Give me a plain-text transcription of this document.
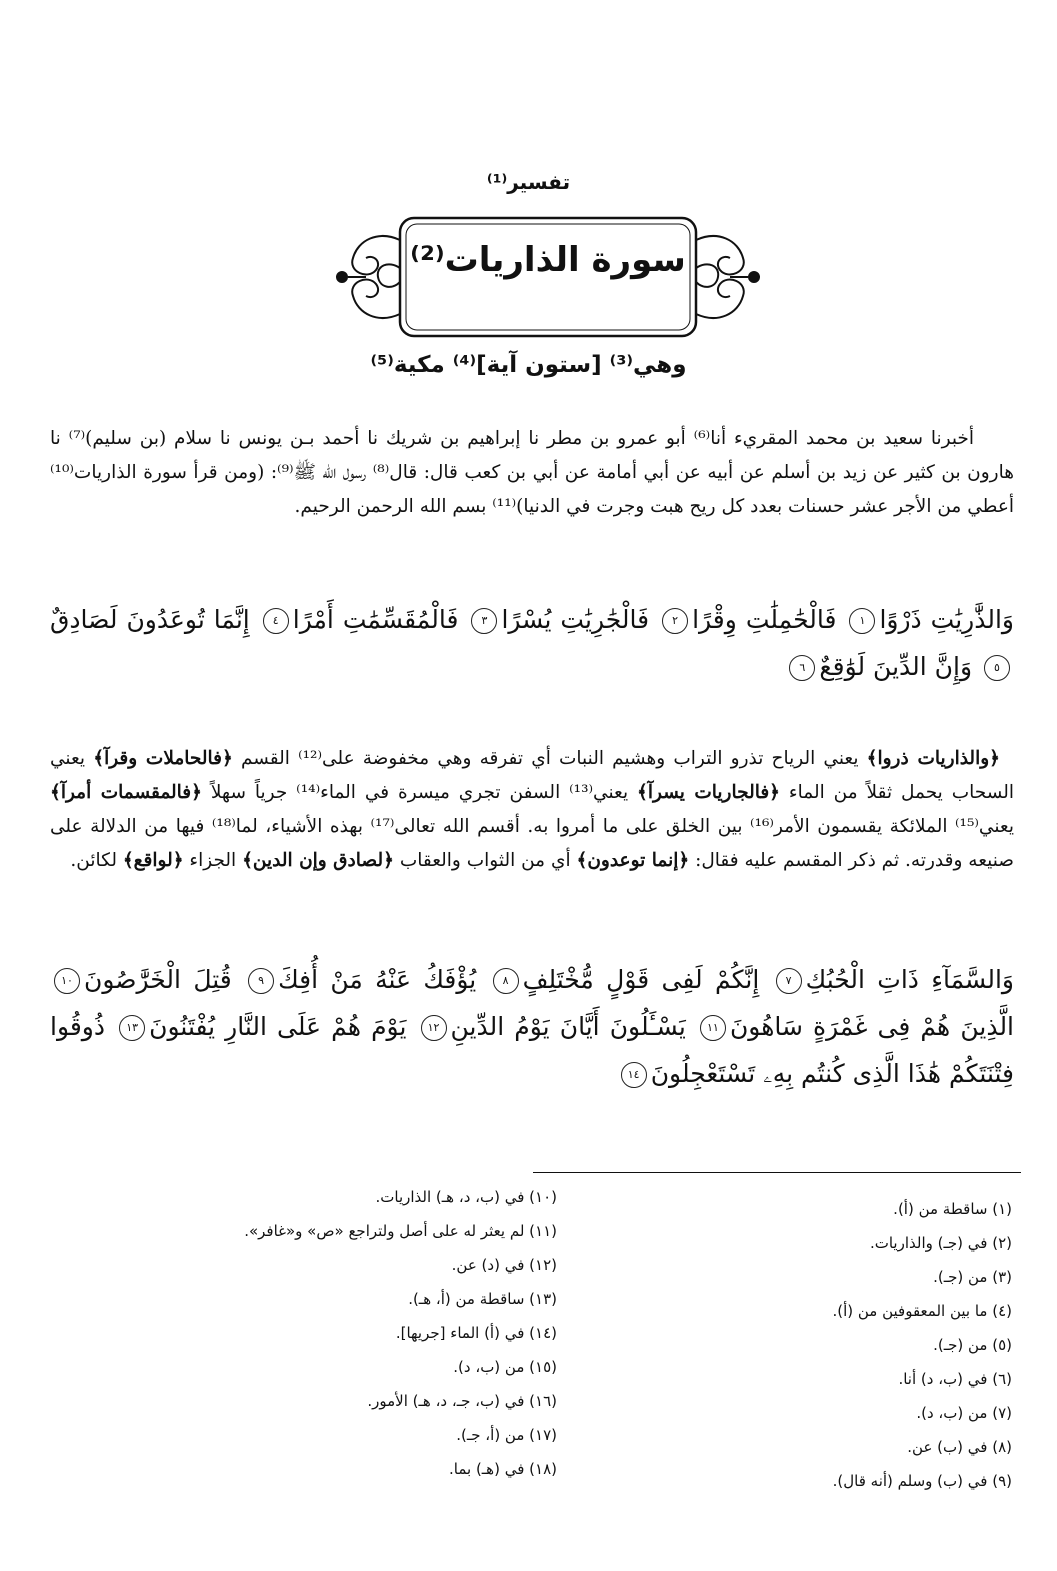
تفسير⁽¹⁾
سورة الذاريات⁽²⁾
وهي⁽³⁾ [ستون آية]⁽⁴⁾ مكية⁽⁵⁾
أخبرنا سعيد بن محمد المقريء أنا⁽⁶⁾ أبو عمرو بن مطر نا إبراهيم بن شريك نا أحمد بـن يونس نا سلام (بن سليم)⁽⁷⁾ نا هارون بن كثير عن زيد بن أسلم عن أبيه عن أبي أمامة عن أبي بن كعب قال: قال⁽⁸⁾ رسول الله ﷺ⁽⁹⁾: (ومن قرأ سورة الذاريات⁽¹⁰⁾ أعطي من الأجر عشر حسنات بعدد كل ريح هبت وجرت في الدنيا)⁽¹¹⁾ بسم الله الرحمن الرحيم.
وَالذَّٰرِيَٰتِ ذَرْوًا١ فَالْحَٰمِلَٰتِ وِقْرًا٢ فَالْجَٰرِيَٰتِ يُسْرًا٣ فَالْمُقَسِّمَٰتِ أَمْرًا٤ إِنَّمَا تُوعَدُونَ لَصَادِقٌ٥ وَإِنَّ الدِّينَ لَوَٰقِعٌ٦
﴿والذاريات ذروا﴾ يعني الرياح تذرو التراب وهشيم النبات أي تفرقه وهي مخفوضة على⁽¹²⁾ القسم ﴿فالحاملات وقرآ﴾ يعني السحاب يحمل ثقلاً من الماء ﴿فالجاريات يسرآ﴾ يعني⁽¹³⁾ السفن تجري ميسرة في الماء⁽¹⁴⁾ جرياً سهلاً ﴿فالمقسمات أمرآ﴾ يعني⁽¹⁵⁾ الملائكة يقسمون الأمر⁽¹⁶⁾ بين الخلق على ما أمروا به. أقسم الله تعالى⁽¹⁷⁾ بهذه الأشياء، لما⁽¹⁸⁾ فيها من الدلالة على صنيعه وقدرته. ثم ذكر المقسم عليه فقال: ﴿إنما توعدون﴾ أي من الثواب والعقاب ﴿لصادق وإن الدين﴾ الجزاء ﴿لواقع﴾ لكائن.
وَالسَّمَآءِ ذَاتِ الْحُبُكِ٧ إِنَّكُمْ لَفِى قَوْلٍ مُّخْتَلِفٍ٨ يُؤْفَكُ عَنْهُ مَنْ أُفِكَ٩ قُتِلَ الْخَرَّٰصُونَ١٠ الَّذِينَ هُمْ فِى غَمْرَةٍ سَاهُونَ١١ يَسْـَٔلُونَ أَيَّانَ يَوْمُ الدِّينِ١٢ يَوْمَ هُمْ عَلَى النَّارِ يُفْتَنُونَ١٣ ذُوقُوا فِتْنَتَكُمْ هَٰذَا الَّذِى كُنتُم بِهِۦ تَسْتَعْجِلُونَ١٤
(١) ساقطة من (أ).
(٢) في (جـ) والذاريات.
(٣) من (جـ).
(٤) ما بين المعقوفين من (أ).
(٥) من (جـ).
(٦) في (ب، د) أنا.
(٧) من (ب، د).
(٨) في (ب) عن.
(٩) في (ب) وسلم (أنه قال).
(١٠) في (ب، د، هـ) الذاريات.
(١١) لم يعثر له على أصل ولتراجع «ص» و«غافر».
(١٢) في (د) عن.
(١٣) ساقطة من (أ، هـ).
(١٤) في (أ) الماء [جريها].
(١٥) من (ب، د).
(١٦) في (ب، جـ، د، هـ) الأمور.
(١٧) من (أ، جـ).
(١٨) في (هـ) بما.
